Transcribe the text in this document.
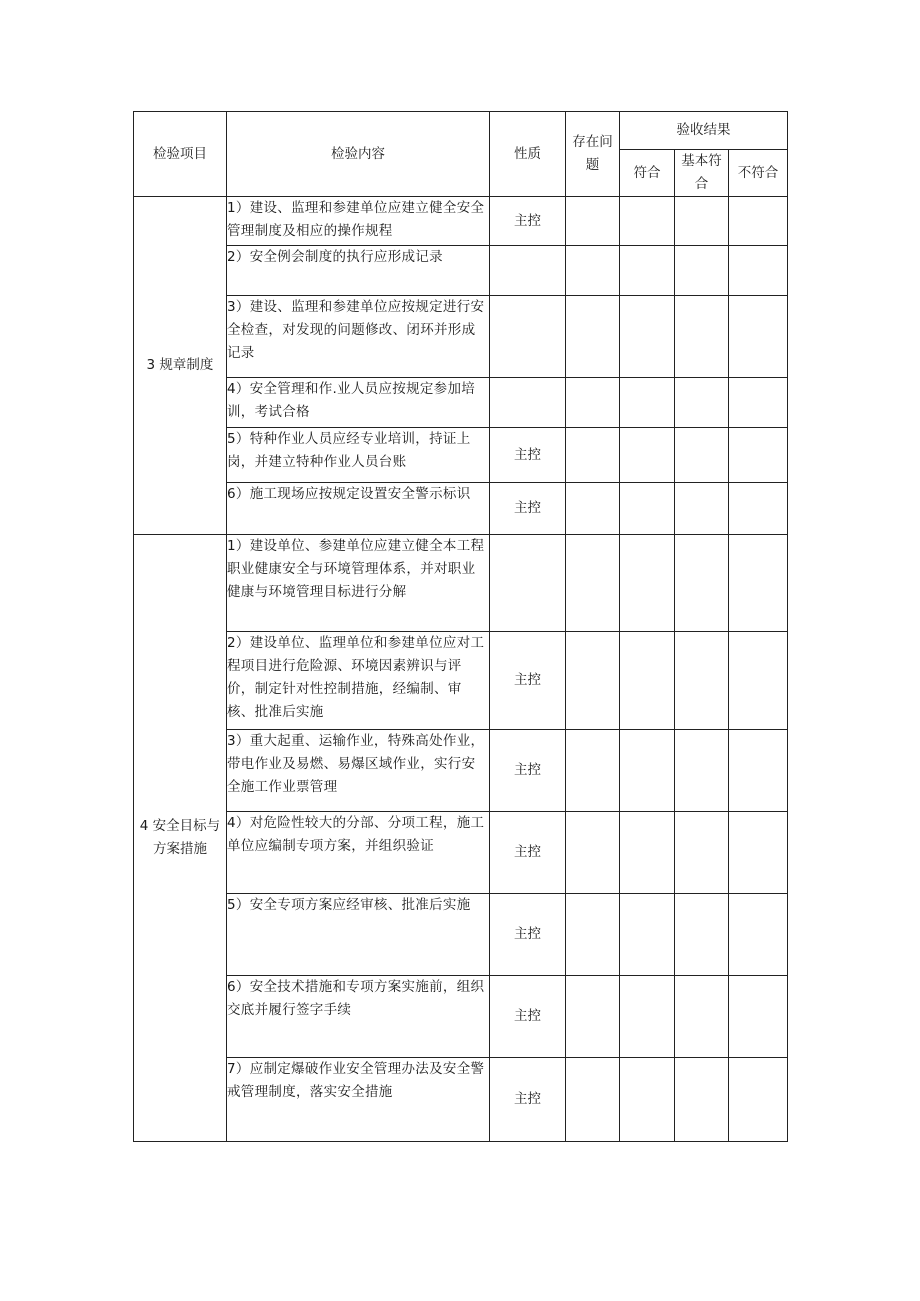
检验项目	检验内容	性质	存在问题	验收结果		
				符合	基本符合	不符合
3 规章制度	1）建设、监理和参建单位应建立健全安全管理制度及相应的操作规程	主控				
	2）安全例会制度的执行应形成记录					
	3）建设、监理和参建单位应按规定进行安全检查，对发现的问题修改、闭环并形成记录					
	4）安全管理和作.业人员应按规定参加培训，考试合格					
	5）特种作业人员应经专业培训，持证上岗，并建立特种作业人员台账	主控				
	6）施工现场应按规定设置安全警示标识	主控				
4 安全目标与方案措施	1）建设单位、参建单位应建立健全本工程职业健康安全与环境管理体系，并对职业健康与环境管理目标进行分解					
	2）建设单位、监理单位和参建单位应对工程项目进行危险源、环境因素辨识与评价，制定针对性控制措施，经编制、审核、批准后实施	主控				
	3）重大起重、运输作业，特殊高处作业，带电作业及易燃、易爆区域作业，实行安全施工作业票管理	主控				
	4）对危险性较大的分部、分项工程，施工单位应编制专项方案，并组织验证	主控				
	5）安全专项方案应经审核、批准后实施	主控				
	6）安全技术措施和专项方案实施前，组织交底并履行签字手续	主控				
	7）应制定爆破作业安全管理办法及安全警戒管理制度，落实安全措施	主控				
